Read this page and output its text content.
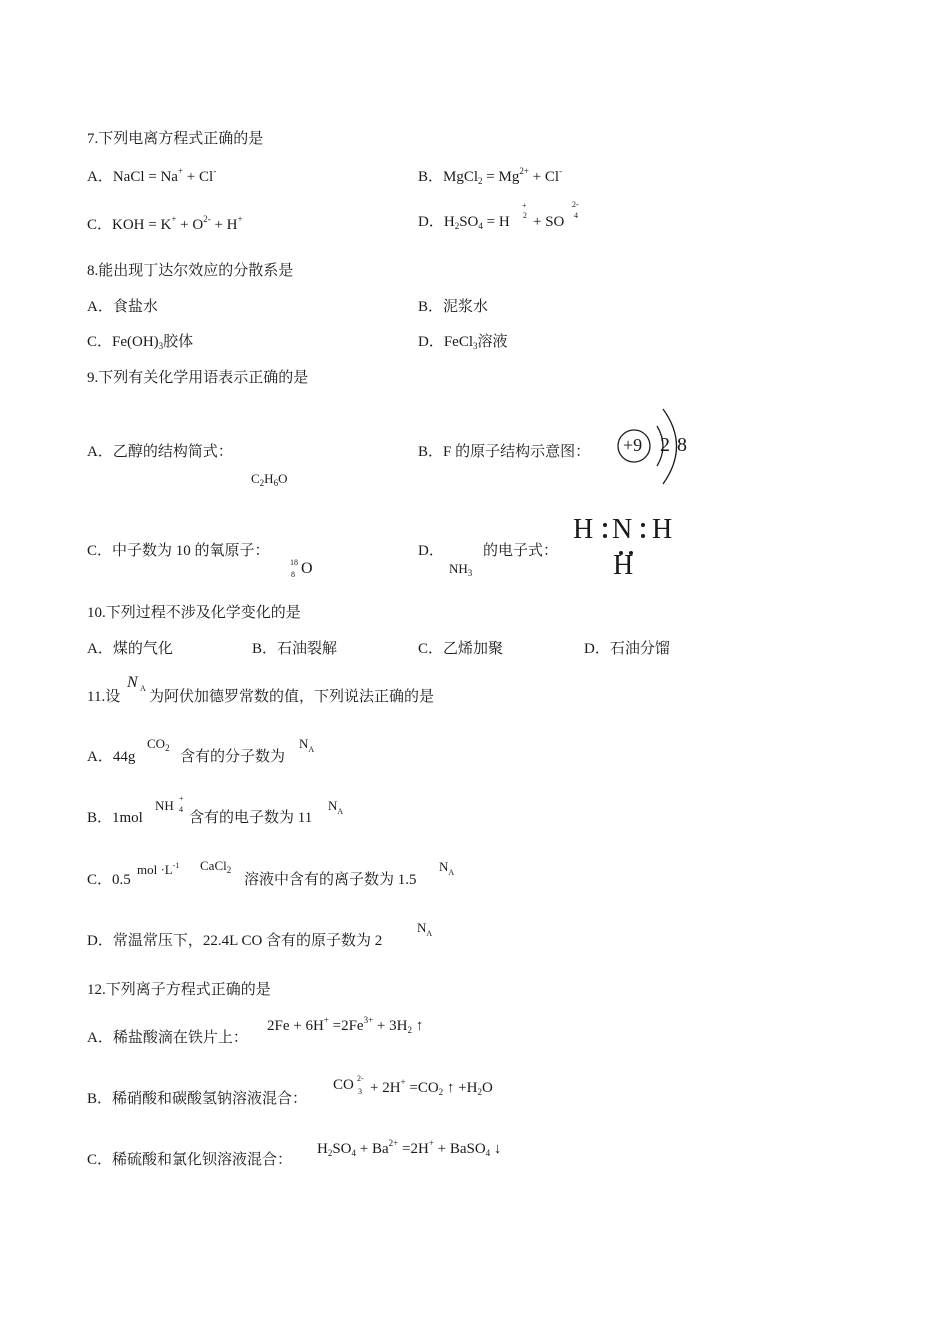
7.下列电离方程式正确的是
A．NaCl = Na+ + Cl-	B．MgCl$_2$ = $Mg^{2+} + Cl^-$
C．KOH = $K^+ + O^{2-} + H^+$	D．$H_2SO_4 = H$
+
2 + SO
2-
4
8.能出现丁达尔效应的分散系是
A．食盐水	B．泥浆水
C．$Fe(OH)_3$胶体	D．FeCl$_3$溶液
9.下列有关化学用语表示正确的是
A．乙醇的结构简式：
$C_2H_6O$
B．F 的原子结构示意图： +9 2 8
C．中子数为 10 的氧原子：
18
8 O
D．
$NH_3$
的电子式：
H N H
H
10.下列过程不涉及化学变化的是
A．煤的气化	B．石油裂解	C．乙烯加聚	D．石油分馏
11.设
N A
为阿伏加德罗常数的值，下列说法正确的是
A．44g
$CO_2$
含有的分子数为
$N_A$
B．1mol
NH +
4
含有的电子数为 11
$N_A$
C．0.5
mol $\cdot L^{-1}$ CaCl$_2$
溶液中含有的离子数为 1.5
$N_A$
D．常温常压下，22.4L CO 含有的原子数为 2
$N_A$
12.下列离子方程式正确的是
A．稀盐酸滴在铁片上：
$2Fe + 6H^+ =2Fe^{3+} + 3H_2$ ↑
B．稀硝酸和碳酸氢钠溶液混合：
CO 2-
$3 + 2H^+ =CO_2$ ↑ $+H_2O$
C．稀硫酸和氯化钡溶液混合：
$H_2SO_4 + Ba^{2+} =2H^+$ + BaSO$_4$ ↓
